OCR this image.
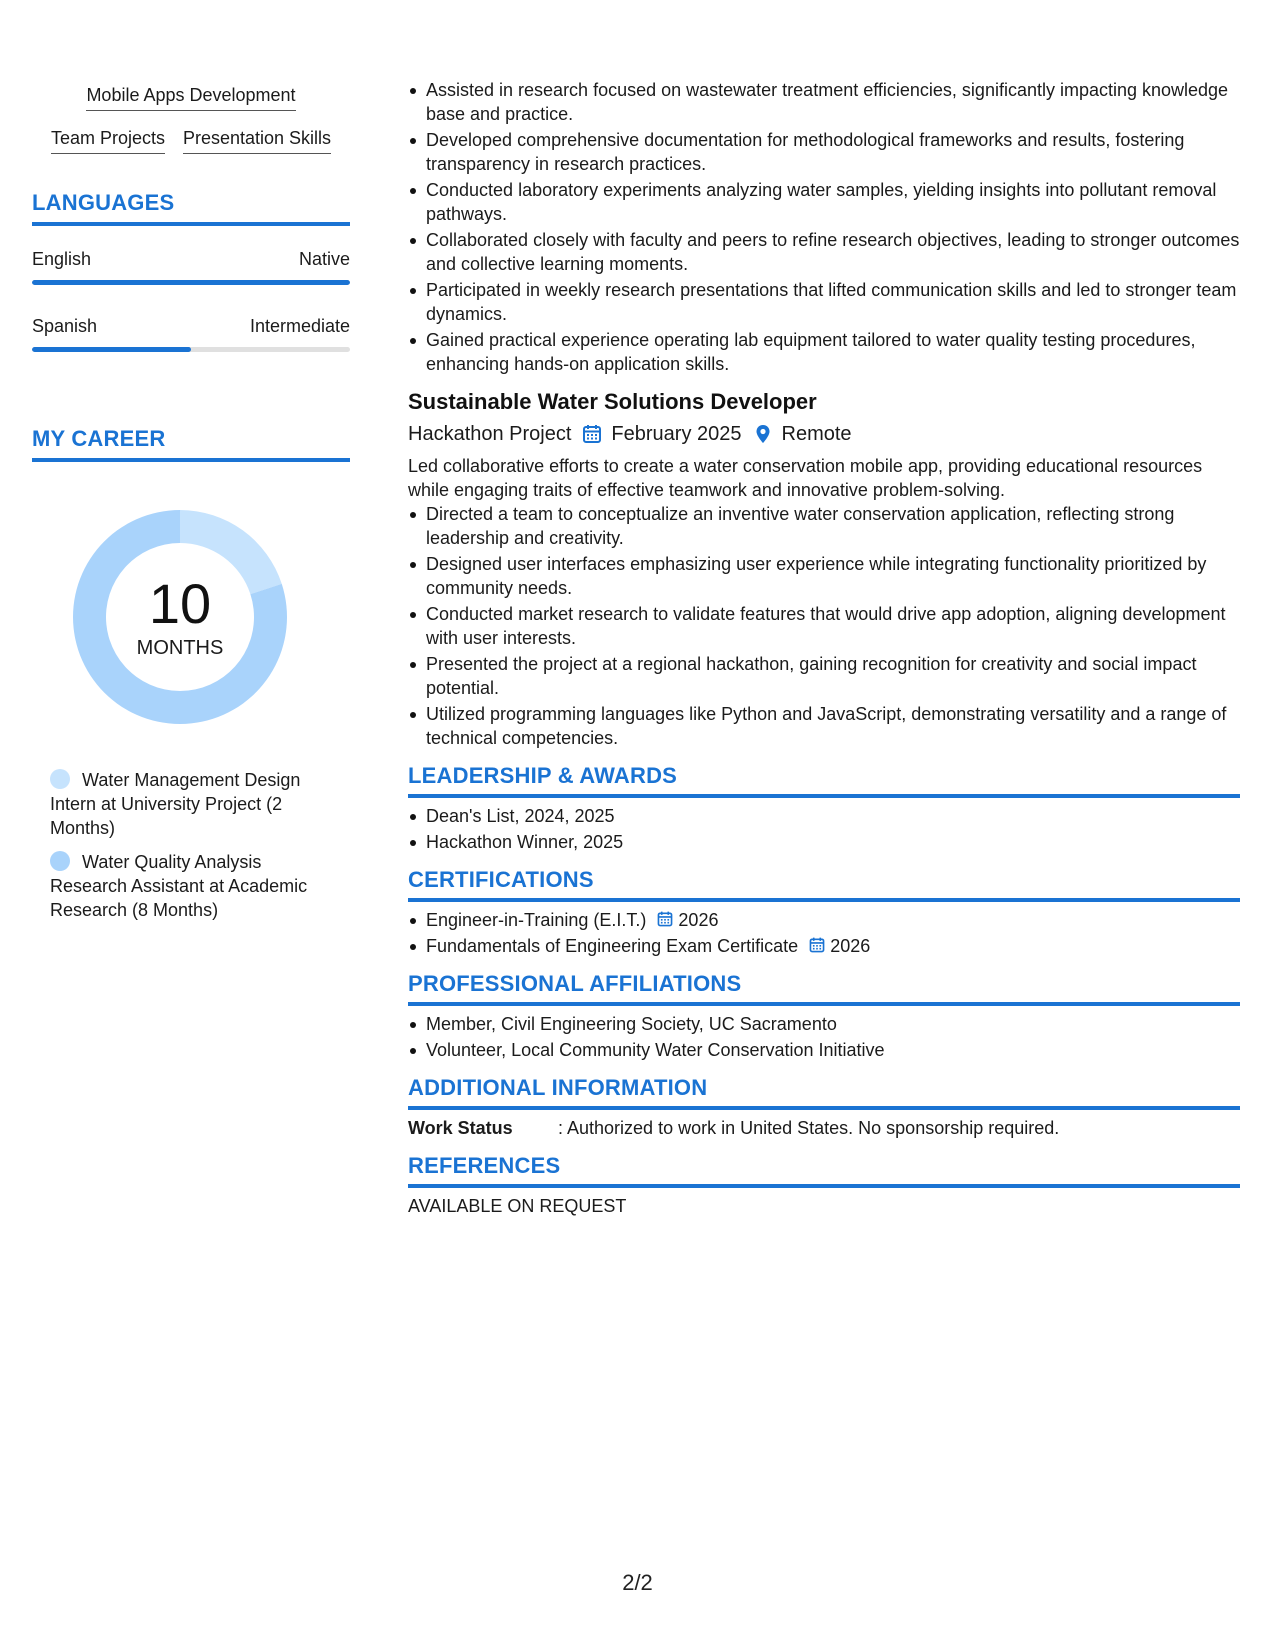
Mobile Apps Development
Team Projects Presentation Skills
LANGUAGES
English	Native
Spanish	Intermediate
MY CAREER
10
MONTHS
Water Management Design Intern at University Project (2 Months)
Water Quality Analysis Research Assistant at Academic Research (8 Months)
Assisted in research focused on wastewater treatment efficiencies, significantly impacting knowledge base and practice.
Developed comprehensive documentation for methodological frameworks and results, fostering transparency in research practices.
Conducted laboratory experiments analyzing water samples, yielding insights into pollutant removal pathways.
Collaborated closely with faculty and peers to refine research objectives, leading to stronger outcomes and collective learning moments.
Participated in weekly research presentations that lifted communication skills and led to stronger team dynamics.
Gained practical experience operating lab equipment tailored to water quality testing procedures, enhancing hands-on application skills.
Sustainable Water Solutions Developer
Hackathon Project February 2025 Remote
Led collaborative efforts to create a water conservation mobile app, providing educational resources while engaging traits of effective teamwork and innovative problem-solving.
Directed a team to conceptualize an inventive water conservation application, reflecting strong leadership and creativity.
Designed user interfaces emphasizing user experience while integrating functionality prioritized by community needs.
Conducted market research to validate features that would drive app adoption, aligning development with user interests.
Presented the project at a regional hackathon, gaining recognition for creativity and social impact potential.
Utilized programming languages like Python and JavaScript, demonstrating versatility and a range of technical competencies.
LEADERSHIP & AWARDS
Dean's List, 2024, 2025
Hackathon Winner, 2025
CERTIFICATIONS
Engineer-in-Training (E.I.T.) 2026
Fundamentals of Engineering Exam Certificate 2026
PROFESSIONAL AFFILIATIONS
Member, Civil Engineering Society, UC Sacramento
Volunteer, Local Community Water Conservation Initiative
ADDITIONAL INFORMATION
Work Status	: Authorized to work in United States. No sponsorship required.
REFERENCES
AVAILABLE ON REQUEST
2/2
